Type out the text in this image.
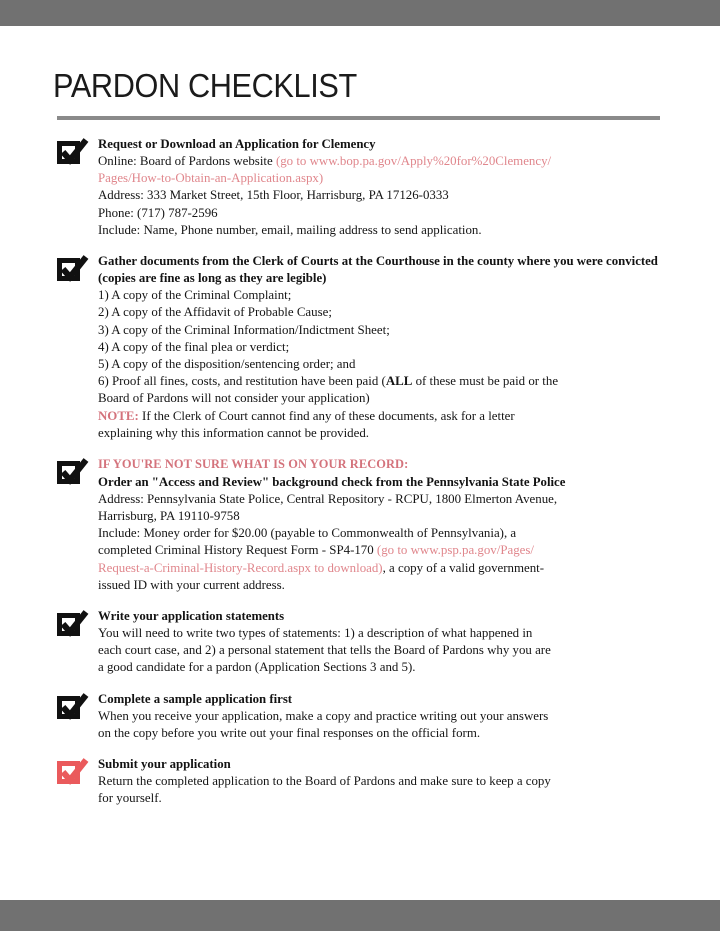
PARDON CHECKLIST

Request or Download an Application for Clemency

Online: Board of Pardons website (go to www.bop.pa.gov/Apply%20for%20Clemency/

Pages/How-to-Obtain-an-Application.aspx)

Address: 333 Market Street, 15th Floor, Harrisburg, PA 17126-0333

Phone: (717) 787-2596

Include: Name, Phone number, email, mailing address to send application.

Gather documents from the Clerk of Courts at the Courthouse in the county where you were convicted (copies are fine as long as they are legible)

1) A copy of the Criminal Complaint;

2) A copy of the Affidavit of Probable Cause;

3) A copy of the Criminal Information/Indictment Sheet;

4) A copy of the final plea or verdict;

5) A copy of the disposition/sentencing order; and

6) Proof all fines, costs, and restitution have been paid (ALL of these must be paid or the

Board of Pardons will not consider your application)

NOTE: If the Clerk of Court cannot find any of these documents, ask for a letter

explaining why this information cannot be provided.

IF YOU'RE NOT SURE WHAT IS ON YOUR RECORD:

Order an "Access and Review" background check from the Pennsylvania State Police

Address: Pennsylvania State Police, Central Repository - RCPU, 1800 Elmerton Avenue,

Harrisburg, PA 19110-9758

Include: Money order for $20.00 (payable to Commonwealth of Pennsylvania), a

completed Criminal History Request Form - SP4-170 (go to www.psp.pa.gov/Pages/

Request-a-Criminal-History-Record.aspx to download), a copy of a valid government-

issued ID with your current address.

Write your application statements

You will need to write two types of statements: 1) a description of what happened in

each court case, and 2) a personal statement that tells the Board of Pardons why you are

a good candidate for a pardon (Application Sections 3 and 5).

Complete a sample application first

When you receive your application, make a copy and practice writing out your answers

on the copy before you write out your final responses on the official form.

Submit your application

Return the completed application to the Board of Pardons and make sure to keep a copy

for yourself.
